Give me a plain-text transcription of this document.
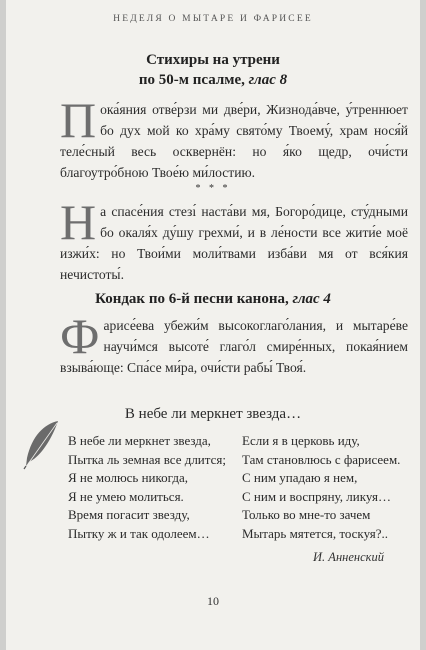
НЕДЕЛЯ О МЫТАРЕ И ФАРИСЕЕ
Стихиры на утрени
по 50-м псалме, глас 8
П ока́яния отве́рзи ми две́ри, Жизнода́вче, у́треннюет бо дух мой ко хра́му свято́му Твоему́, храм нося́й теле́сный весь осквернён: но я́ко щедр, очи́сти благоутро́бною Твое́ю ми́лостию.
* * *
Н а спасе́ния стезı́ наста́ви мя, Богоро́дице, сту́дными бо окаля́х ду́шу грехми́, и в ле́ности все жити́е моё изжи́х: но Твои́ми моли́твами изба́ви мя от вся́кия нечистоты́.
Кондак по 6-й песни канона, глас 4
Ф арисе́ева убежи́м высокоглаго́лания, и мытаре́ве научи́мся высоте́ глаго́л смире́нных, покая́нием взыва́юще: Спа́се ми́ра, очи́сти рабы́ Твоя́.
В небе ли меркнет звезда…
В небе ли меркнет звезда,
Пытка ль земная все длится;
Я не молюсь никогда,
Я не умею молиться.
Время погасит звезду,
Пытку ж и так одолеем…
Если я в церковь иду,
Там становлюсь с фарисеем.
С ним упадаю я нем,
С ним и воспряну, ликуя…
Только во мне-то зачем
Мытарь мятется, тоскуя?..
И. Анненский
10
